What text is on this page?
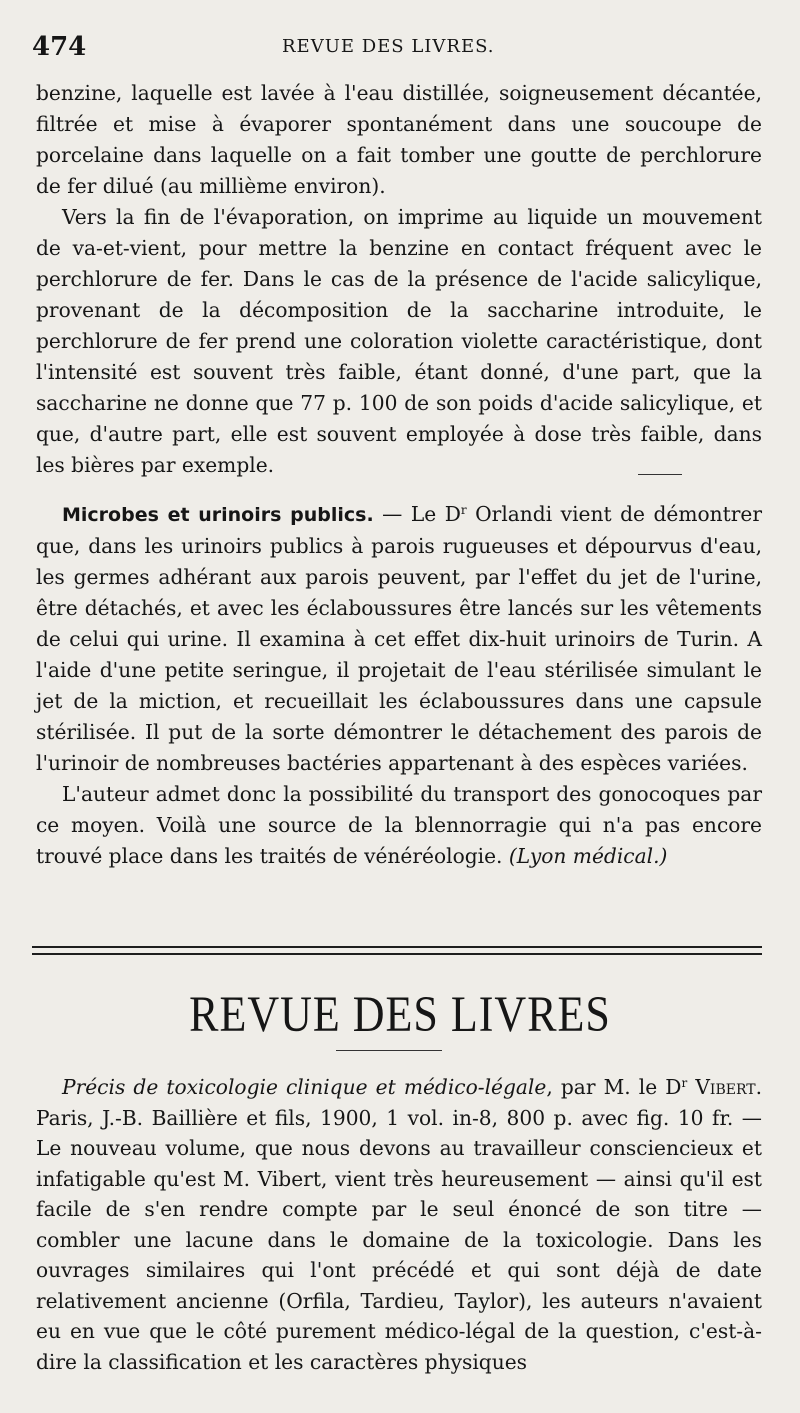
474	REVUE DES LIVRES.

benzine, laquelle est lavée à l'eau distillée, soigneusement décantée, filtrée et mise à évaporer spontanément dans une soucoupe de porcelaine dans laquelle on a fait tomber une goutte de perchlorure de fer dilué (au millième environ).

Vers la fin de l'évaporation, on imprime au liquide un mouvement de va-et-vient, pour mettre la benzine en contact fréquent avec le perchlorure de fer. Dans le cas de la présence de l'acide salicylique, provenant de la décomposition de la saccharine introduite, le perchlorure de fer prend une coloration violette caractéristique, dont l'intensité est souvent très faible, étant donné, d'une part, que la saccharine ne donne que 77 p. 100 de son poids d'acide salicylique, et que, d'autre part, elle est souvent employée à dose très faible, dans les bières par exemple.

Microbes et urinoirs publics. — Le $D^r$ Orlandi vient de démontrer que, dans les urinoirs publics à parois rugueuses et dépourvus d'eau, les germes adhérant aux parois peuvent, par l'effet du jet de l'urine, être détachés, et avec les éclaboussures être lancés sur les vêtements de celui qui urine. Il examina à cet effet dix-huit urinoirs de Turin. A l'aide d'une petite seringue, il projetait de l'eau stérilisée simulant le jet de la miction, et recueillait les éclaboussures dans une capsule stérilisée. Il put de la sorte démontrer le détachement des parois de l'urinoir de nombreuses bactéries appartenant à des espèces variées.

L'auteur admet donc la possibilité du transport des gonocoques par ce moyen. Voilà une source de la blennorragie qui n'a pas encore trouvé place dans les traités de vénéréologie. (Lyon médical.)

REVUE DES LIVRES

Précis de toxicologie clinique et médico-légale, par M. le $D^r$ Vibert. Paris, J.-B. Baillière et fils, 1900, 1 vol. in-8, 800 p. avec fig. 10 fr. — Le nouveau volume, que nous devons au travailleur consciencieux et infatigable qu'est M. Vibert, vient très heureusement — ainsi qu'il est facile de s'en rendre compte par le seul énoncé de son titre — combler une lacune dans le domaine de la toxicologie. Dans les ouvrages similaires qui l'ont précédé et qui sont déjà de date relativement ancienne (Orfila, Tardieu, Taylor), les auteurs n'avaient eu en vue que le côté purement médico-légal de la question, c'est-à-dire la classification et les caractères physiques
